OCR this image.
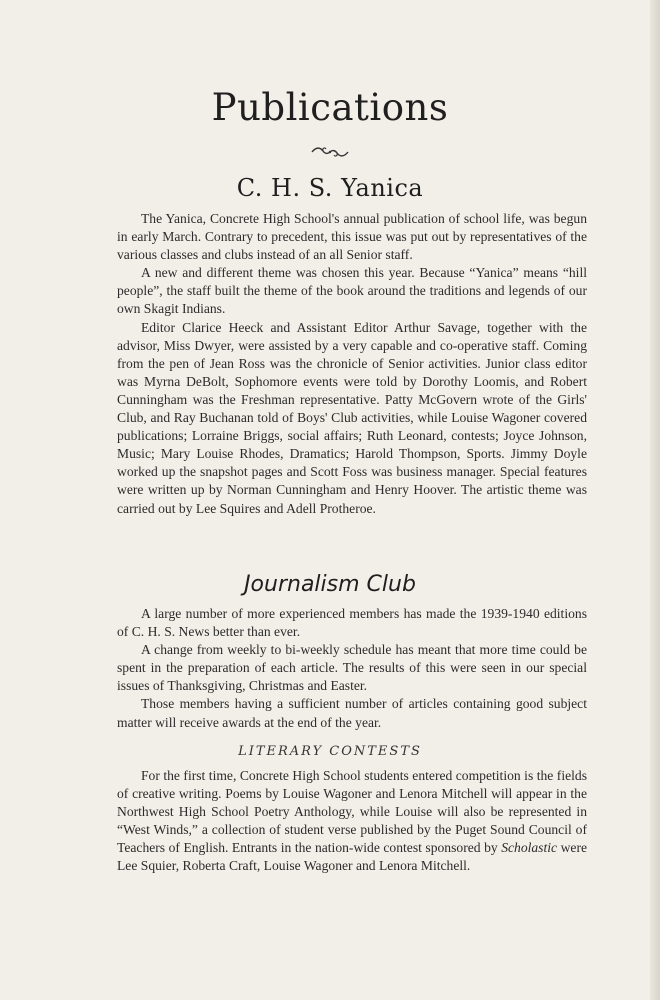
Publications
C. H. S. Yanica

The Yanica, Concrete High School's annual publication of school life, was begun in early March. Contrary to precedent, this issue was put out by representatives of the various classes and clubs instead of an all Senior staff.

A new and different theme was chosen this year. Because “Yanica” means “hill people”, the staff built the theme of the book around the traditions and legends of our own Skagit Indians.

Editor Clarice Heeck and Assistant Editor Arthur Savage, together with the advisor, Miss Dwyer, were assisted by a very capable and co-operative staff. Coming from the pen of Jean Ross was the chronicle of Senior activities. Junior class editor was Myrna DeBolt, Sophomore events were told by Dorothy Loomis, and Robert Cunningham was the Freshman representative. Patty McGovern wrote of the Girls' Club, and Ray Buchanan told of Boys' Club activities, while Louise Wagoner covered publications; Lorraine Briggs, social affairs; Ruth Leonard, contests; Joyce Johnson, Music; Mary Louise Rhodes, Dramatics; Harold Thompson, Sports. Jimmy Doyle worked up the snapshot pages and Scott Foss was business manager. Special features were written up by Norman Cunningham and Henry Hoover. The artistic theme was carried out by Lee Squires and Adell Protheroe.

Journalism Club

A large number of more experienced members has made the 1939-1940 editions of C. H. S. News better than ever.

A change from weekly to bi-weekly schedule has meant that more time could be spent in the preparation of each article. The results of this were seen in our special issues of Thanksgiving, Christmas and Easter.

Those members having a sufficient number of articles containing good subject matter will receive awards at the end of the year.

LITERARY CONTESTS

For the first time, Concrete High School students entered competition is the fields of creative writing. Poems by Louise Wagoner and Lenora Mitchell will appear in the Northwest High School Poetry Anthology, while Louise will also be represented in “West Winds,” a collection of student verse published by the Puget Sound Council of Teachers of English. Entrants in the nation-wide contest sponsored by Scholastic were Lee Squier, Roberta Craft, Louise Wagoner and Lenora Mitchell.
